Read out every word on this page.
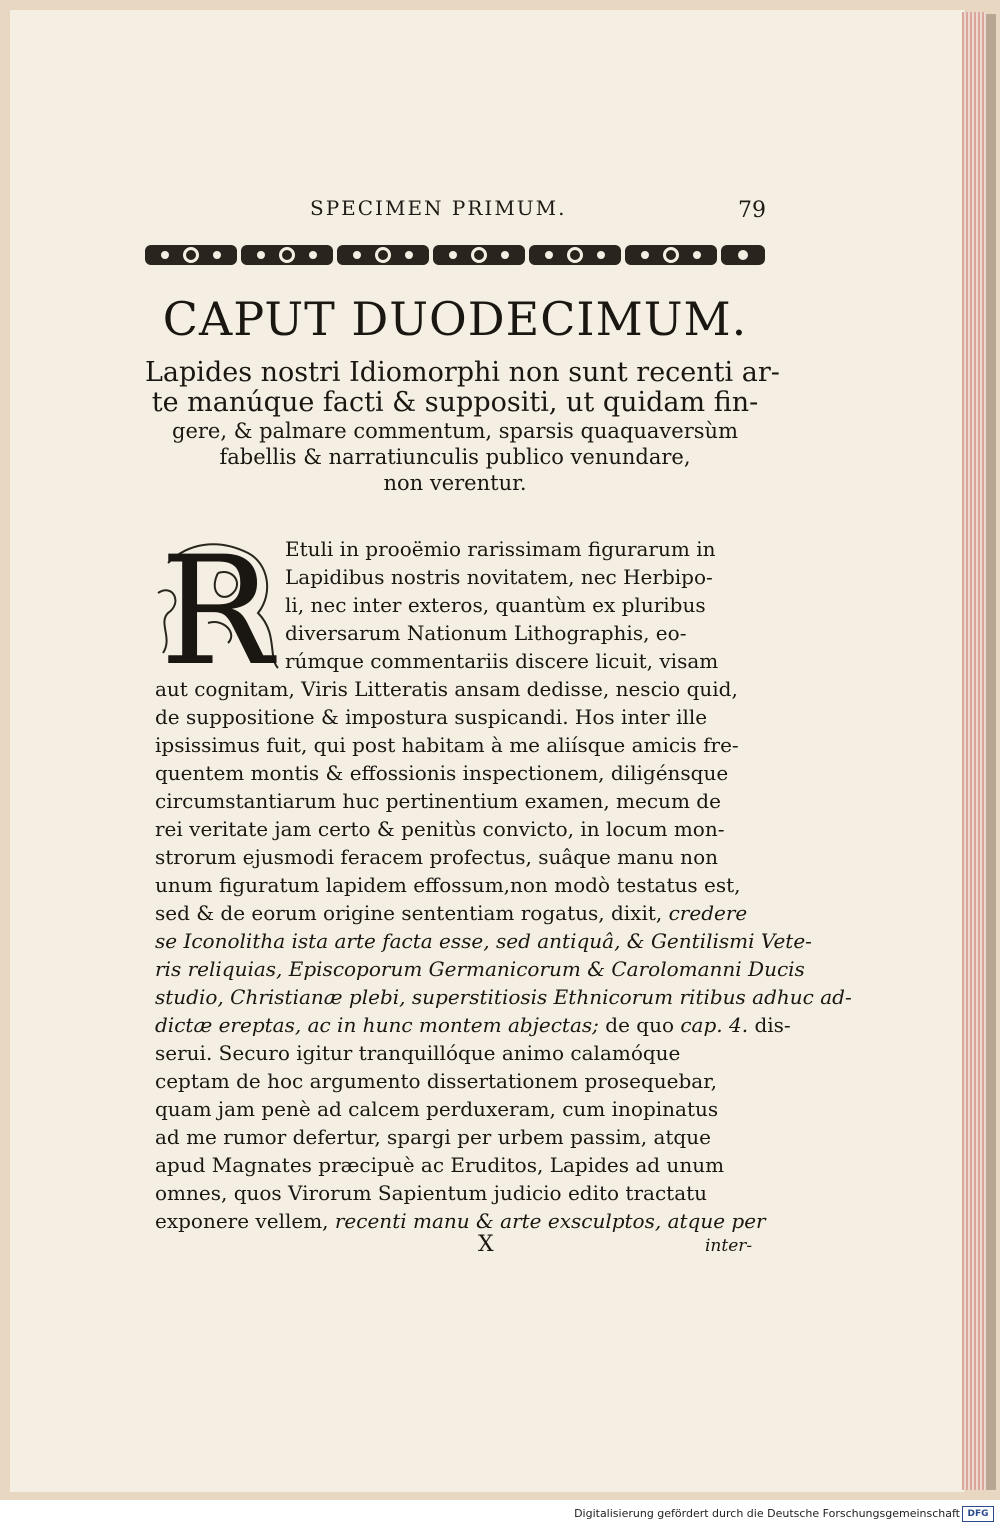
SPECIMEN PRIMUM.	79
CAPUT DUODECIMUM.
Lapides nostri Idiomorphi non sunt recenti ar-
te manúque facti & suppositi, ut quidam fin-
gere, & palmare commentum, sparsis quaquaversùm
fabellis & narratiunculis publico venundare,
non verentur.
R Etuli in prooëmio rarissimam figurarum in
Lapidibus nostris novitatem, nec Herbipo-
li, nec inter exteros, quantùm ex pluribus
diversarum Nationum Lithographis, eo-
rúmque commentariis discere licuit, visam
aut cognitam, Viris Litteratis ansam dedisse, nescio quid,
de suppositione & impostura suspicandi. Hos inter ille
ipsissimus fuit, qui post habitam à me aliísque amicis fre-
quentem montis & effossionis inspectionem, diligénsque
circumstantiarum huc pertinentium examen, mecum de
rei veritate jam certo & penitùs convicto, in locum mon-
strorum ejusmodi feracem profectus, suâque manu non
unum figuratum lapidem effossum,non modò testatus est,
sed & de eorum origine sententiam rogatus, dixit, credere
se Iconolitha ista arte facta esse, sed antiquâ, & Gentilismi Vete-
ris reliquias, Episcoporum Germanicorum & Carolomanni Ducis
studio, Christianæ plebi, superstitiosis Ethnicorum ritibus adhuc ad-
dictæ ereptas, ac in hunc montem abjectas; de quo cap. 4. dis-
serui. Securo igitur tranquillóque animo calamóque
ceptam de hoc argumento dissertationem prosequebar,
quam jam penè ad calcem perduxeram, cum inopinatus
ad me rumor defertur, spargi per urbem passim, atque
apud Magnates præcipuè ac Eruditos, Lapides ad unum
omnes, quos Virorum Sapientum judicio edito tractatu
exponere vellem, recenti manu & arte exsculptos, atque per
X	inter-
Digitalisierung gefördert durch die Deutsche Forschungsgemeinschaft DFG
